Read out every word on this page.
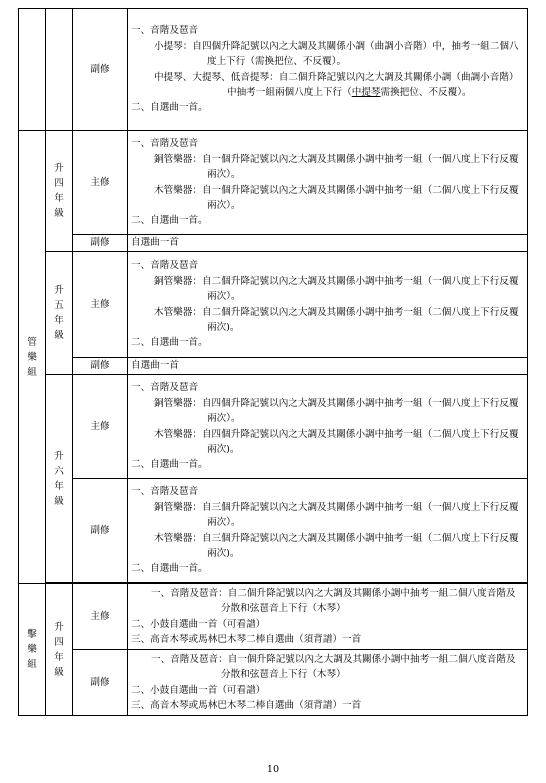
		副修	一、音階及琶音

小提琴：自四個升降記號以內之大調及其關係小調（曲調小音階）中，抽考一組二個八度上下行（需換把位、不反覆）。

中提琴、大提琴、低音提琴：自二個升降記號以內之大調及其關係小調（曲調小音階）中抽考一組兩個八度上下行（中提琴需換把位、不反覆）。

二、自選曲一首。

管樂組	升四年級	主修	一、音階及琶音

銅管樂器：自一個升降記號以內之大調及其關係小調中抽考一組（一個八度上下行反覆兩次）。

木管樂器：自一個升降記號以內之大調及其關係小調中抽考一組（二個八度上下行反覆兩次）。

二、自選曲一首。

		副修	自選曲一首

	升五年級	主修	一、音階及琶音

銅管樂器：自二個升降記號以內之大調及其關係小調中抽考一組（一個八度上下行反覆兩次）。

木管樂器：自二個升降記號以內之大調及其關係小調中抽考一組（二個八度上下行反覆兩次)。

二、自選曲一首。

		副修	自選曲一首

	升六年級	主修	一、音階及琶音

銅管樂器：自四個升降記號以內之大調及其關係小調中抽考一組（一個八度上下行反覆兩次）。

木管樂器：自四個升降記號以內之大調及其關係小調中抽考一組（二個八度上下行反覆兩次)。

二、自選曲一首。

		副修	一、音階及琶音

銅管樂器：自三個升降記號以內之大調及其關係小調中抽考一組（一個八度上下行反覆兩次）。

木管樂器：自三個升降記號以內之大調及其關係小調中抽考一組（二個八度上下行反覆兩次)。

二、自選曲一首。

擊樂組	升四年級	主修	一、音階及琶音：自二個升降記號以內之大調及其關係小調中抽考一組二個八度音階及分散和弦琶音上下行（木琴）

二、小鼓自選曲一首（可看譜）

三、高音木琴或馬林巴木琴二棒自選曲（須背譜）一首

		副修	一、音階及琶音：自一個升降記號以內之大調及其關係小調中抽考一組二個八度音階及分散和弦琶音上下行（木琴）

二、小鼓自選曲一首（可看譜）

三、高音木琴或馬林巴木琴二棒自選曲（須背譜）一首

10
